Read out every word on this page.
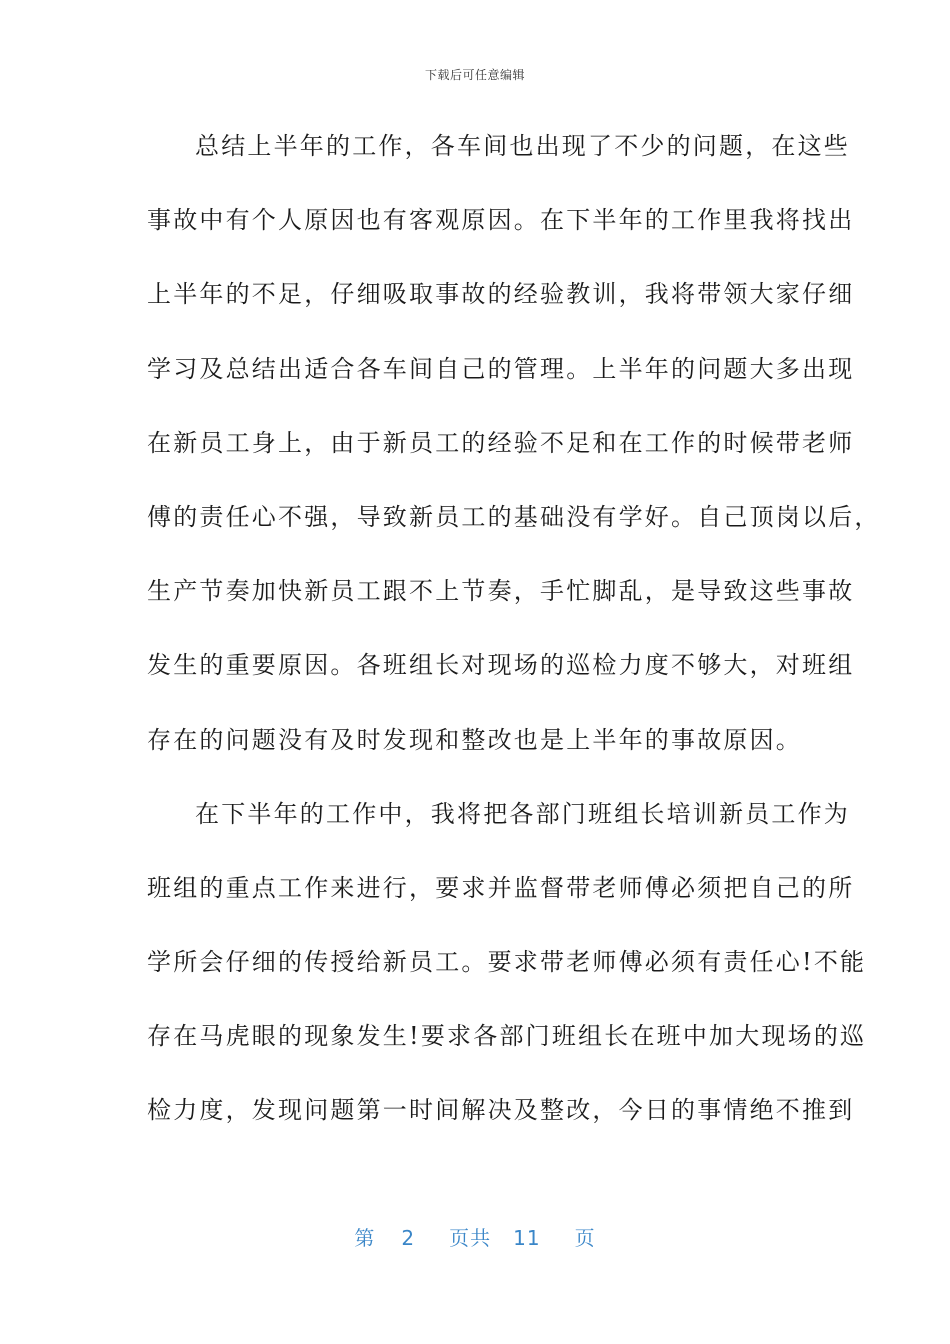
下载后可任意编辑
总结上半年的工作，各车间也出现了不少的问题，在这些
事故中有个人原因也有客观原因。在下半年的工作里我将找出
上半年的不足，仔细吸取事故的经验教训，我将带领大家仔细
学习及总结出适合各车间自己的管理。上半年的问题大多出现
在新员工身上，由于新员工的经验不足和在工作的时候带老师
傅的责任心不强，导致新员工的基础没有学好。自己顶岗以后，
生产节奏加快新员工跟不上节奏，手忙脚乱，是导致这些事故
发生的重要原因。各班组长对现场的巡检力度不够大，对班组
存在的问题没有及时发现和整改也是上半年的事故原因。
在下半年的工作中，我将把各部门班组长培训新员工作为
班组的重点工作来进行，要求并监督带老师傅必须把自己的所
学所会仔细的传授给新员工。要求带老师傅必须有责任心!不能
存在马虎眼的现象发生!要求各部门班组长在班中加大现场的巡
检力度，发现问题第一时间解决及整改，今日的事情绝不推到
第 2 页共 11 页
